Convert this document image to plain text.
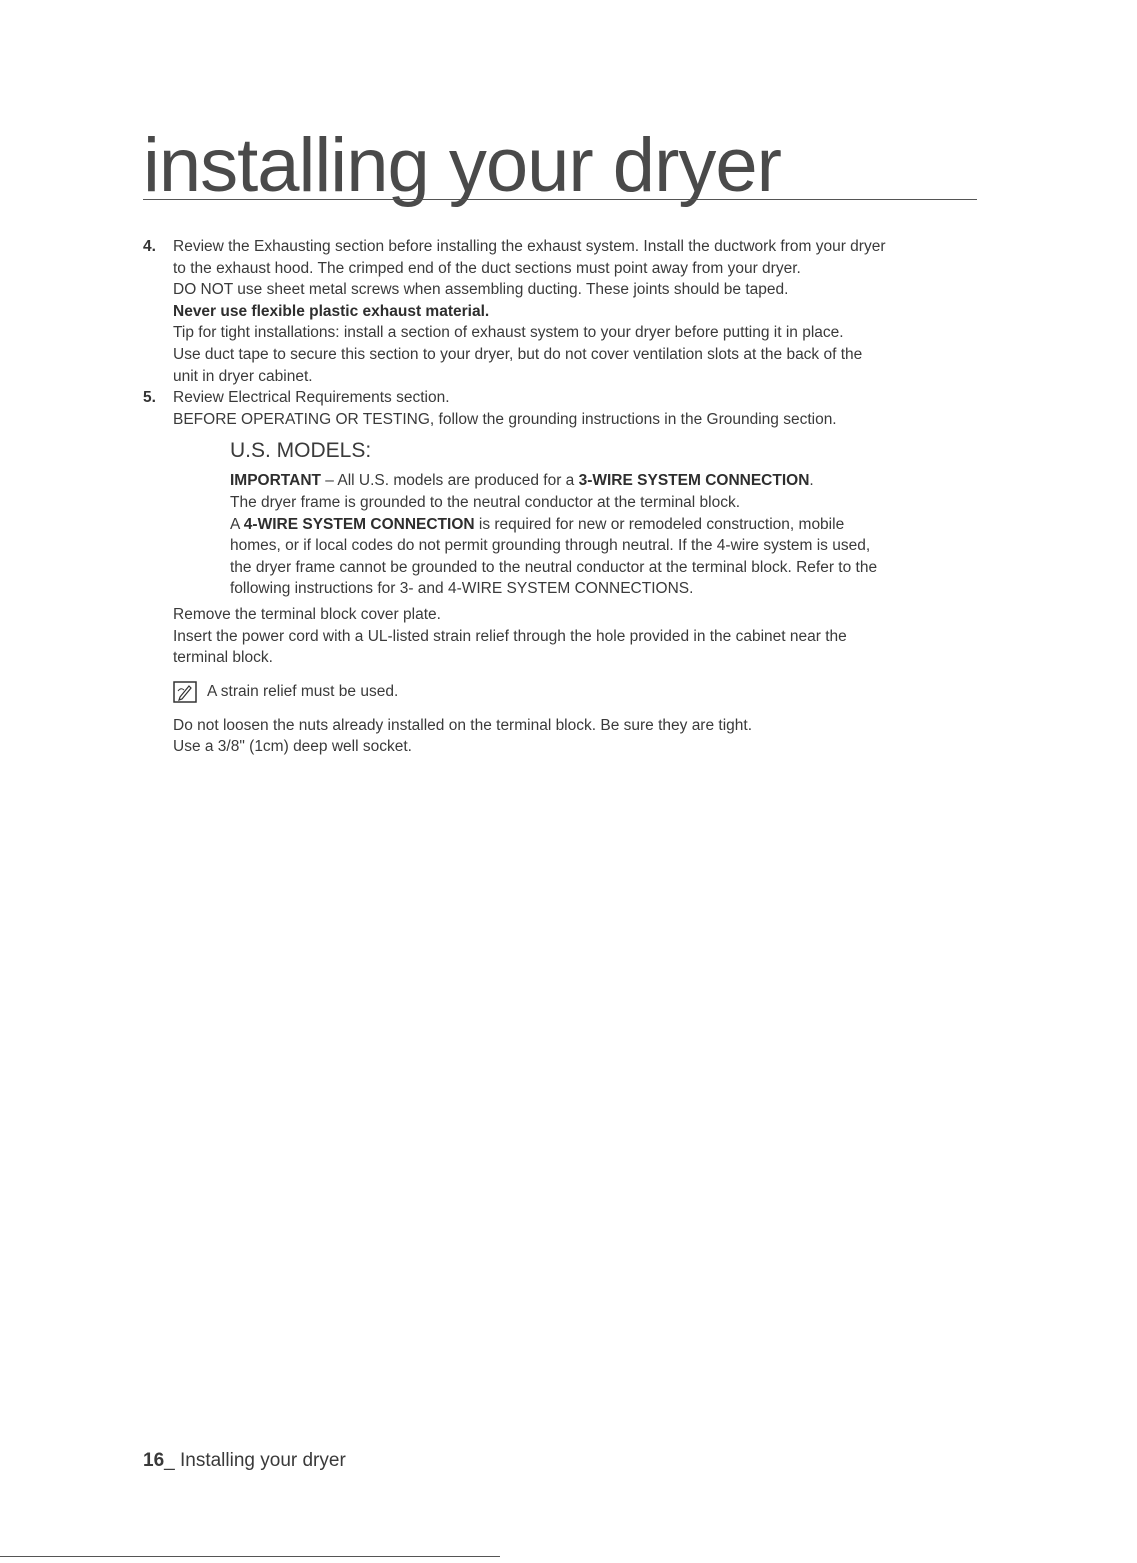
installing your dryer
4. Review the Exhausting section before installing the exhaust system. Install the ductwork from your dryer
to the exhaust hood. The crimped end of the duct sections must point away from your dryer.
DO NOT use sheet metal screws when assembling ducting. These joints should be taped.
Never use flexible plastic exhaust material.
Tip for tight installations: install a section of exhaust system to your dryer before putting it in place.
Use duct tape to secure this section to your dryer, but do not cover ventilation slots at the back of the
unit in dryer cabinet.
5. Review Electrical Requirements section.
BEFORE OPERATING OR TESTING, follow the grounding instructions in the Grounding section.
U.S. MODELS:
IMPORTANT – All U.S. models are produced for a 3-WIRE SYSTEM CONNECTION.
The dryer frame is grounded to the neutral conductor at the terminal block.
A 4-WIRE SYSTEM CONNECTION is required for new or remodeled construction, mobile
homes, or if local codes do not permit grounding through neutral. If the 4-wire system is used,
the dryer frame cannot be grounded to the neutral conductor at the terminal block. Refer to the
following instructions for 3- and 4-WIRE SYSTEM CONNECTIONS.
Remove the terminal block cover plate.
Insert the power cord with a UL-listed strain relief through the hole provided in the cabinet near the
terminal block.
A strain relief must be used.
Do not loosen the nuts already installed on the terminal block. Be sure they are tight.
Use a 3/8" (1cm) deep well socket.
16_ Installing your dryer
